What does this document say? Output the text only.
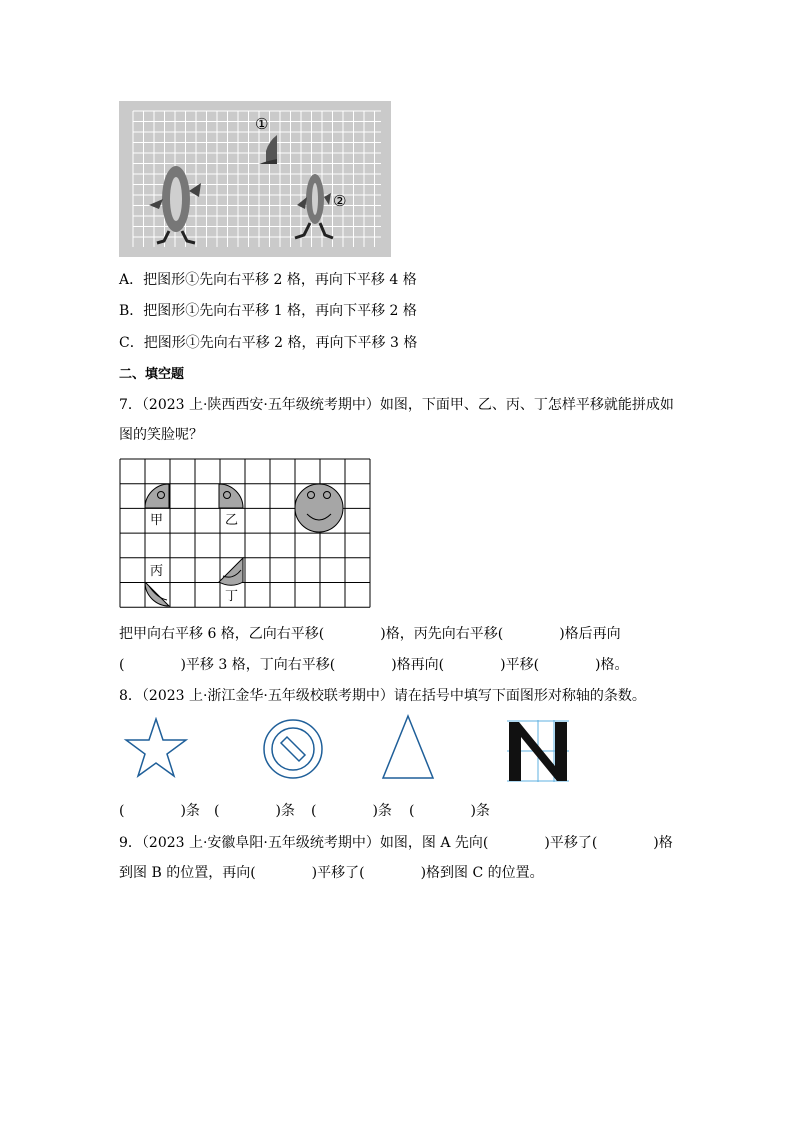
①
②
A．把图形①先向右平移 2 格，再向下平移 4 格
B．把图形①先向右平移 1 格，再向下平移 2 格
C．把图形①先向右平移 2 格，再向下平移 3 格
二、填空题
7．（2023 上·陕西西安·五年级统考期中）如图，下面甲、乙、丙、丁怎样平移就能拼成如
图的笑脸呢？
甲	乙
丙
丁
把甲向右平移 6 格，乙向右平移(　　　　)格，丙先向右平移(　　　　)格后再向
(　　　　)平移 3 格，丁向右平移(　　　　)格再向(　　　　)平移(　　　　)格。
8．（2023 上·浙江金华·五年级校联考期中）请在括号中填写下面图形对称轴的条数。
(　　　　)条 (　　　　)条 (　　　　)条 (　　　　)条
9．（2023 上·安徽阜阳·五年级统考期中）如图，图 A 先向(　　　　)平移了(　　　　)格
到图 B 的位置，再向(　　　　)平移了(　　　　)格到图 C 的位置。
